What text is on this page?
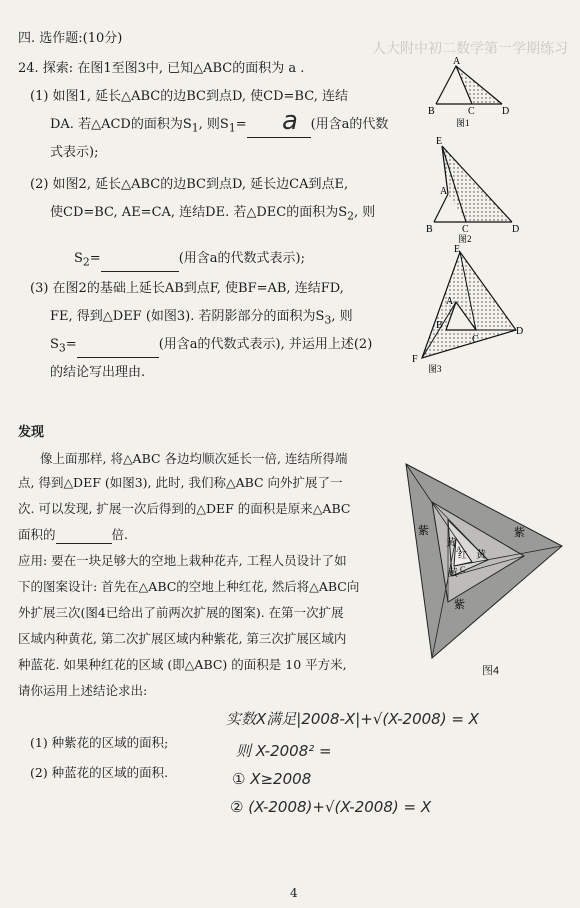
人大附中初二数学第一学期练习
四. 选作题:(10分)
24. 探索: 在图1至图3中, 已知△ABC的面积为 a .
(1) 如图1, 延长△ABC的边BC到点D, 使CD=BC, 连结
DA. 若△ACD的面积为$S_1$, 则$S_1=$	(用含a的代数
a
式表示);
(2) 如图2, 延长△ABC的边BC到点D, 延长边CA到点E,
使CD=BC, AE=CA, 连结DE. 若△DEC的面积为$S_2$, 则
$S_2=$	(用含a的代数式表示);
(3) 在图2的基础上延长AB到点F, 使BF=AB, 连结FD,
FE, 得到△DEF (如图3). 若阴影部分的面积为$S_3$, 则
$S_3=$	(用含a的代数式表示), 并运用上述(2)
的结论写出理由.
A
B	C	D
图1
E
A
B	C	D
图2
E
A
B
C
D
F
图3
发现
像上面那样, 将△ABC 各边均顺次延长一倍, 连结所得端
点, 得到△DEF (如图3), 此时, 我们称△ABC 向外扩展了一
次. 可以发现, 扩展一次后得到的△DEF 的面积是原来△ABC
面积的	倍.
应用: 要在一块足够大的空地上栽种花卉, 工程人员设计了如
下的图案设计: 首先在△ABC的空地上种红花, 然后将△ABC向
外扩展三次(图4已给出了前两次扩展的图案). 在第一次扩展
区域内种黄花, 第二次扩展区域内种紫花, 第三次扩展区域内
种蓝花. 如果种红花的区域 (即△ABC) 的面积是 10 平方米,
请你运用上述结论求出:
(1) 种紫花的区域的面积;
(2) 种蓝花的区域的面积.
紫	紫
紫
黄
黄
黄
红
A
C
图4
实数X满足|2008-X|+√(X-2008) = X
则 X-2008² =
① X≥2008
② (X-2008)+√(X-2008) = X
4
